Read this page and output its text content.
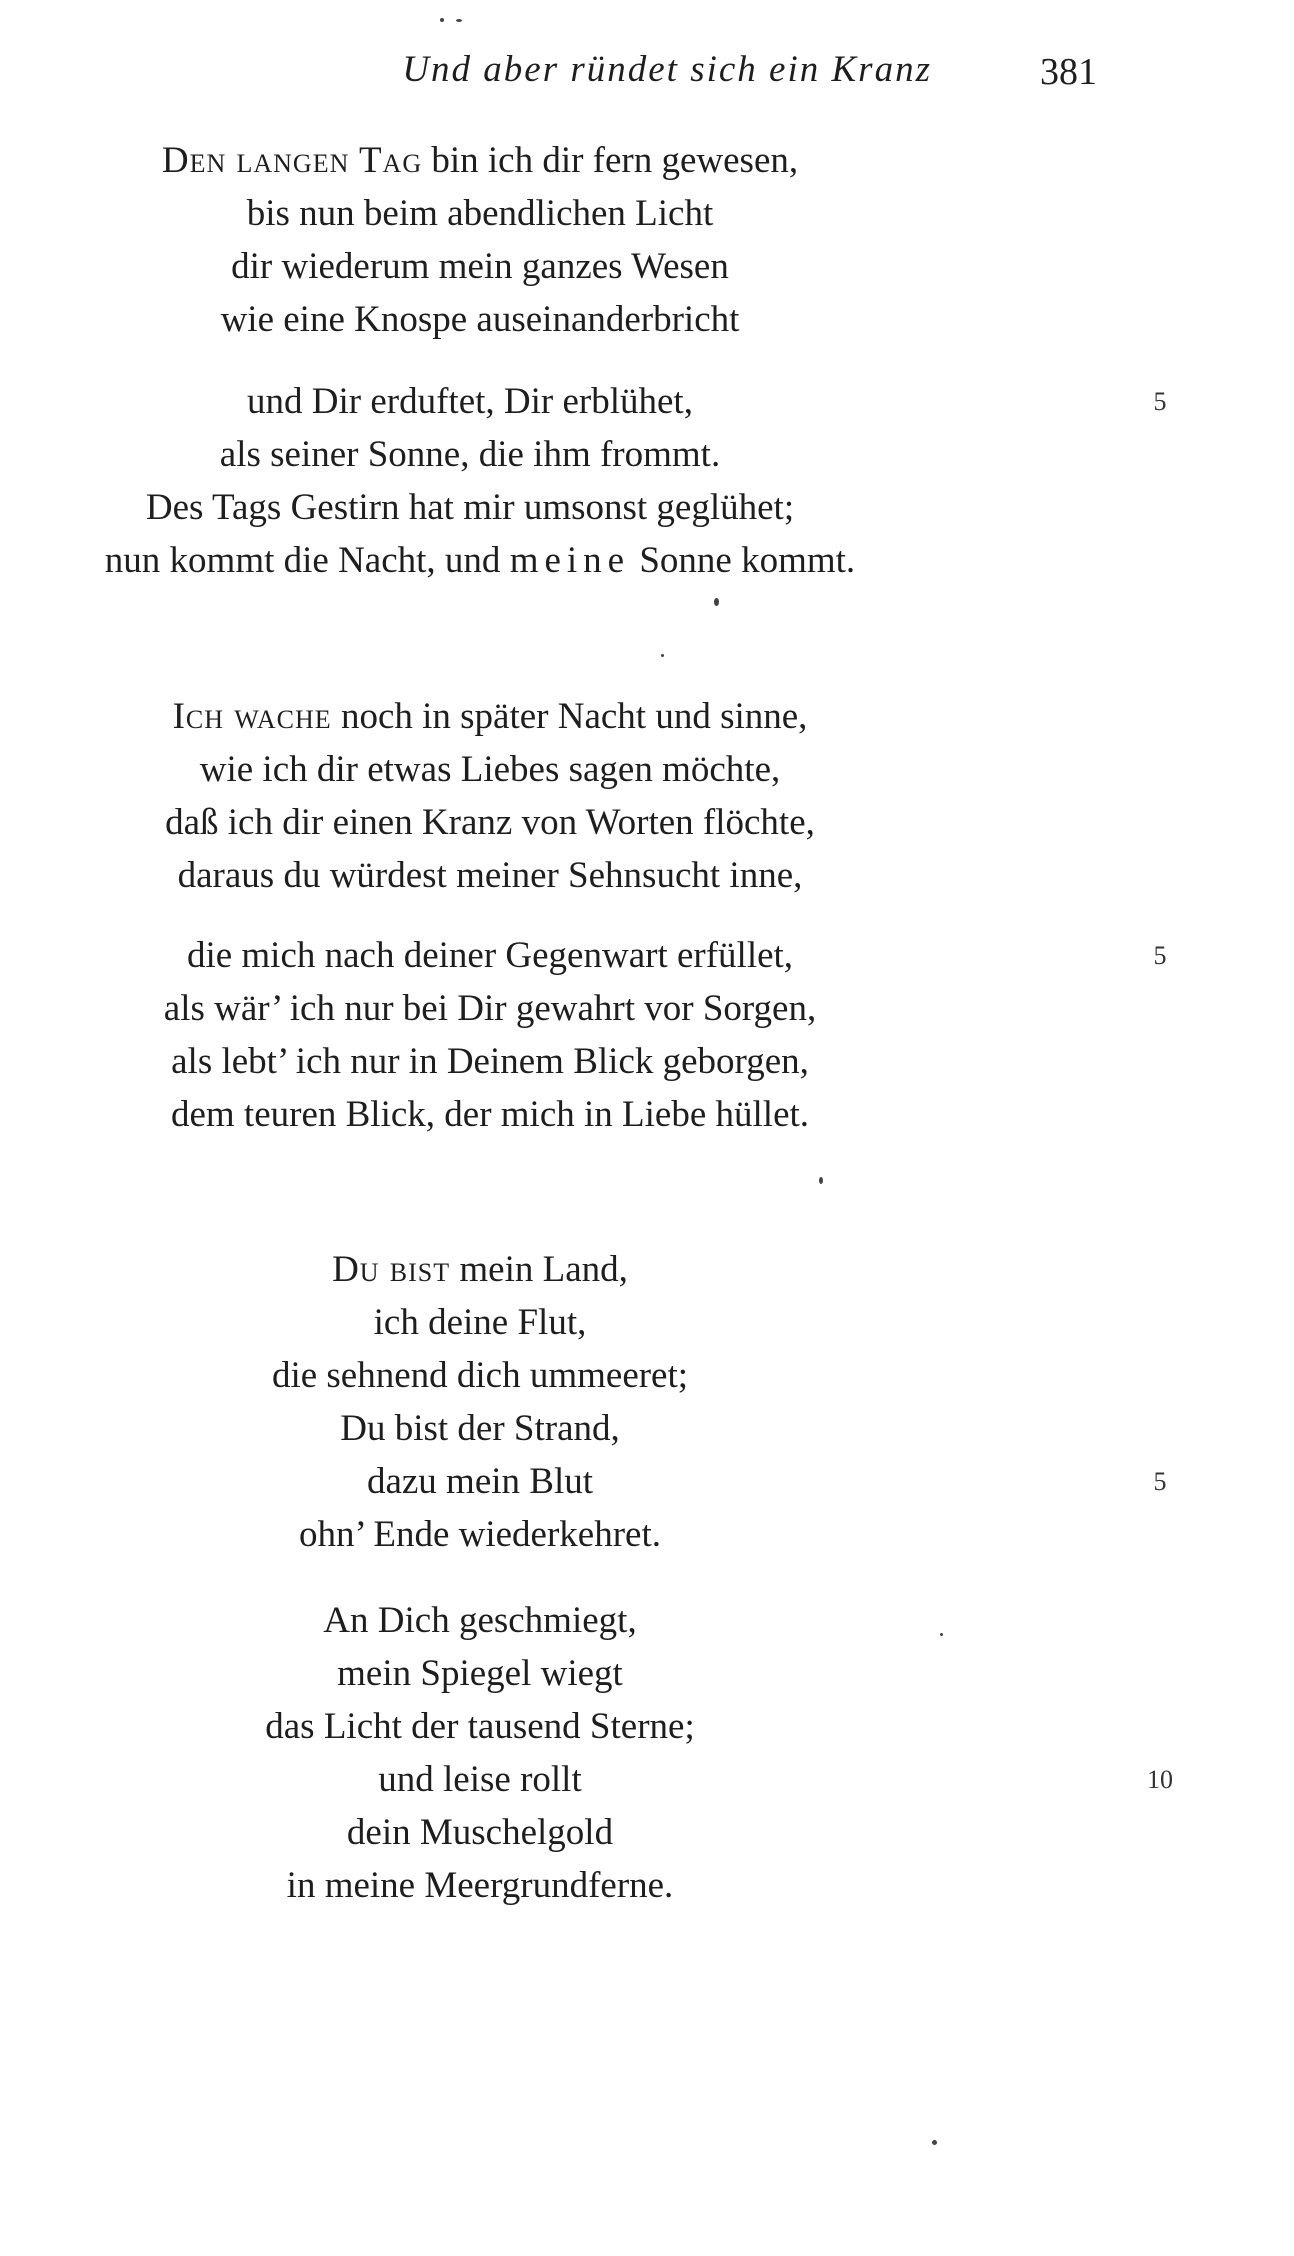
Und aber ründet sich ein Kranz	381
Den langen Tag bin ich dir fern gewesen,
bis nun beim abendlichen Licht
dir wiederum mein ganzes Wesen
wie eine Knospe auseinanderbricht
und Dir erduftet, Dir erblühet,	5
als seiner Sonne, die ihm frommt.
Des Tags Gestirn hat mir umsonst geglühet;
nun kommt die Nacht, und meine Sonne kommt.
Ich wache noch in später Nacht und sinne,
wie ich dir etwas Liebes sagen möchte,
daß ich dir einen Kranz von Worten flöchte,
daraus du würdest meiner Sehnsucht inne,
die mich nach deiner Gegenwart erfüllet,	5
als wär’ ich nur bei Dir gewahrt vor Sorgen,
als lebt’ ich nur in Deinem Blick geborgen,
dem teuren Blick, der mich in Liebe hüllet.
Du bist mein Land,
ich deine Flut,
die sehnend dich ummeeret;
Du bist der Strand,
dazu mein Blut	5
ohn’ Ende wiederkehret.
An Dich geschmiegt,
mein Spiegel wiegt
das Licht der tausend Sterne;
und leise rollt	10
dein Muschelgold
in meine Meergrundferne.
